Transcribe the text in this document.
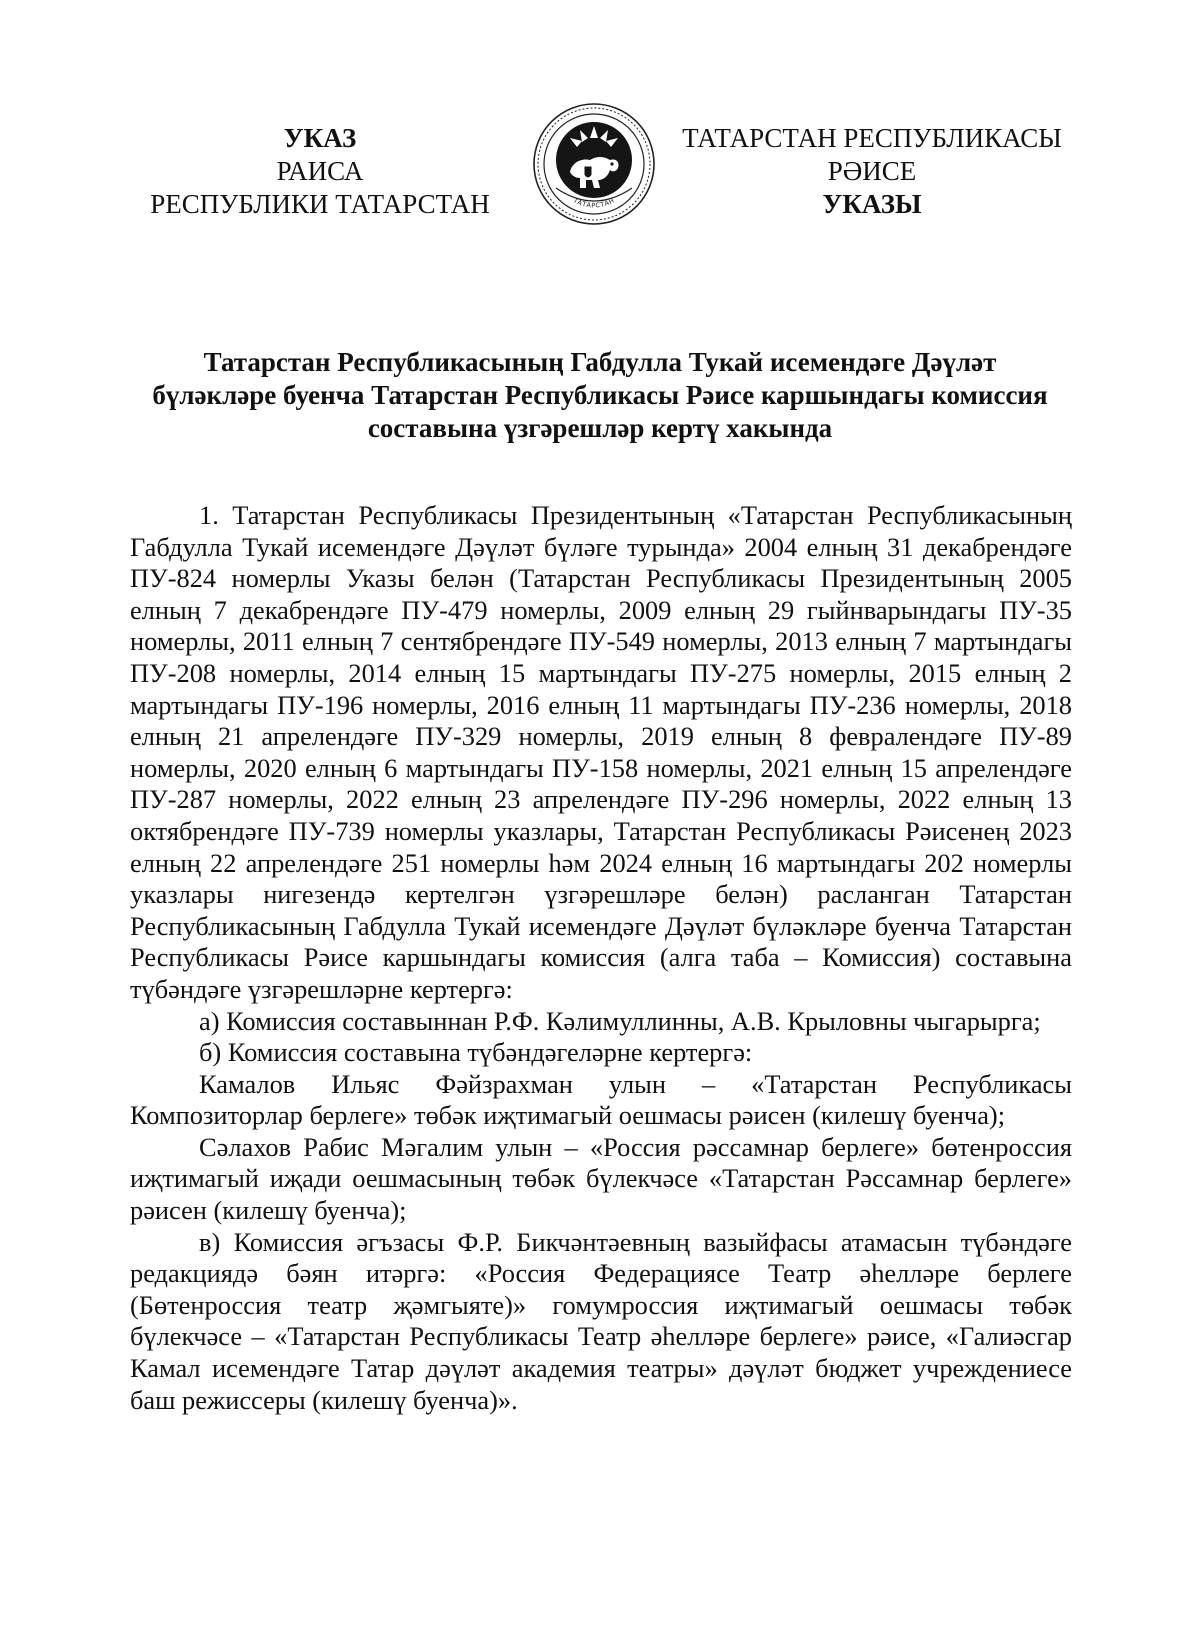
УКАЗ
РАИСА
РЕСПУБЛИКИ ТАТАРСТАН	ТАТАРСТАН
ТАТАРСТАН РЕСПУБЛИКАСЫ
РӘИСЕ
УКАЗЫ
Татарстан Республикасының Габдулла Тукай исемендәге Дәүләт
бүләкләре буенча Татарстан Республикасы Рәисе каршындагы комиссия
составына үзгәрешләр кертү хакында

1. Татарстан Республикасы Президентының «Татарстан Республикасының Габдулла Тукай исемендәге Дәүләт бүләге турында» 2004 елның 31 декабрендәге ПУ-824 номерлы Указы белән (Татарстан Республикасы Президентының 2005 елның 7 декабрендәге ПУ-479 номерлы, 2009 елның 29 гыйнварындагы ПУ-35 номерлы, 2011 елның 7 сентябрендәге ПУ-549 номерлы, 2013 елның 7 мартындагы ПУ-208 номерлы, 2014 елның 15 мартындагы ПУ-275 номерлы, 2015 елның 2 мартындагы ПУ-196 номерлы, 2016 елның 11 мартындагы ПУ-236 номерлы, 2018 елның 21 апрелендәге ПУ-329 номерлы, 2019 елның 8 февралендәге ПУ-89 номерлы, 2020 елның 6 мартындагы ПУ-158 номерлы, 2021 елның 15 апрелендәге ПУ-287 номерлы, 2022 елның 23 апрелендәге ПУ-296 номерлы, 2022 елның 13 октябрендәге ПУ-739 номерлы указлары, Татарстан Республикасы Рәисенең 2023 елның 22 апрелендәге 251 номерлы һәм 2024 елның 16 мартындагы 202 номерлы указлары нигезендә кертелгән үзгәрешләре белән) расланган Татарстан Республикасының Габдулла Тукай исемендәге Дәүләт бүләкләре буенча Татарстан Республикасы Рәисе каршындагы комиссия (алга таба – Комиссия) составына түбәндәге үзгәрешләрне кертергә:

а) Комиссия составыннан Р.Ф. Кәлимуллинны, А.В. Крыловны чыгарырга;

б) Комиссия составына түбәндәгеләрне кертергә:

Камалов Ильяс Фәйзрахман улын – «Татарстан Республикасы Композиторлар берлеге» төбәк иҗтимагый оешмасы рәисен (килешү буенча);

Сәлахов Рабис Мәгалим улын – «Россия рәссамнар берлеге» бөтенроссия иҗтимагый иҗади оешмасының төбәк бүлекчәсе «Татарстан Рәссамнар берлеге» рәисен (килешү буенча);

в) Комиссия әгъзасы Ф.Р. Бикчәнтәевның вазыйфасы атамасын түбәндәге редакциядә бәян итәргә: «Россия Федерациясе Театр әһелләре берлеге (Бөтенроссия театр җәмгыяте)» гомумроссия иҗтимагый оешмасы төбәк бүлекчәсе – «Татарстан Республикасы Театр әһелләре берлеге» рәисе, «Галиәсгар Камал исемендәге Татар дәүләт академия театры» дәүләт бюджет учреждениесе баш режиссеры (килешү буенча)».
